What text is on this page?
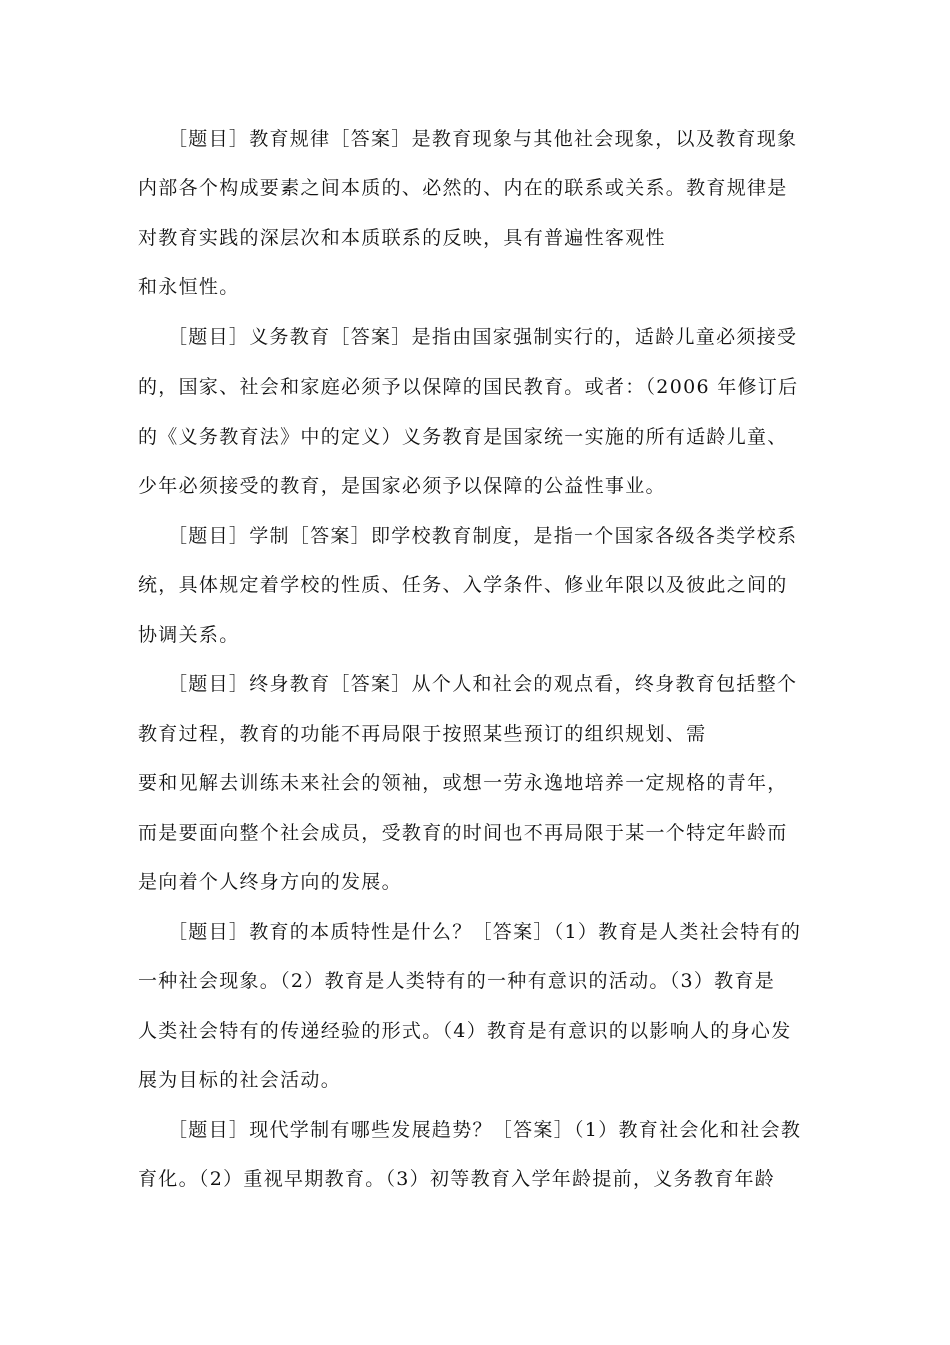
［题目］教育规律［答案］是教育现象与其他社会现象，以及教育现象
内部各个构成要素之间本质的、必然的、内在的联系或关系。教育规律是
对教育实践的深层次和本质联系的反映，具有普遍性客观性
和永恒性。
［题目］义务教育［答案］是指由国家强制实行的，适龄儿童必须接受
的，国家、社会和家庭必须予以保障的国民教育。或者：（2006 年修订后
的《义务教育法》中的定义）义务教育是国家统一实施的所有适龄儿童、
少年必须接受的教育，是国家必须予以保障的公益性事业。
［题目］学制［答案］即学校教育制度，是指一个国家各级各类学校系
统，具体规定着学校的性质、任务、入学条件、修业年限以及彼此之间的
协调关系。
［题目］终身教育［答案］从个人和社会的观点看，终身教育包括整个
教育过程，教育的功能不再局限于按照某些预订的组织规划、需
要和见解去训练未来社会的领袖，或想一劳永逸地培养一定规格的青年，
而是要面向整个社会成员，受教育的时间也不再局限于某一个特定年龄而
是向着个人终身方向的发展。
［题目］教育的本质特性是什么？［答案］（1）教育是人类社会特有的
一种社会现象。（2）教育是人类特有的一种有意识的活动。（3）教育是
人类社会特有的传递经验的形式。（4）教育是有意识的以影响人的身心发
展为目标的社会活动。
［题目］现代学制有哪些发展趋势？［答案］（1）教育社会化和社会教
育化。（2）重视早期教育。（3）初等教育入学年龄提前，义务教育年龄
